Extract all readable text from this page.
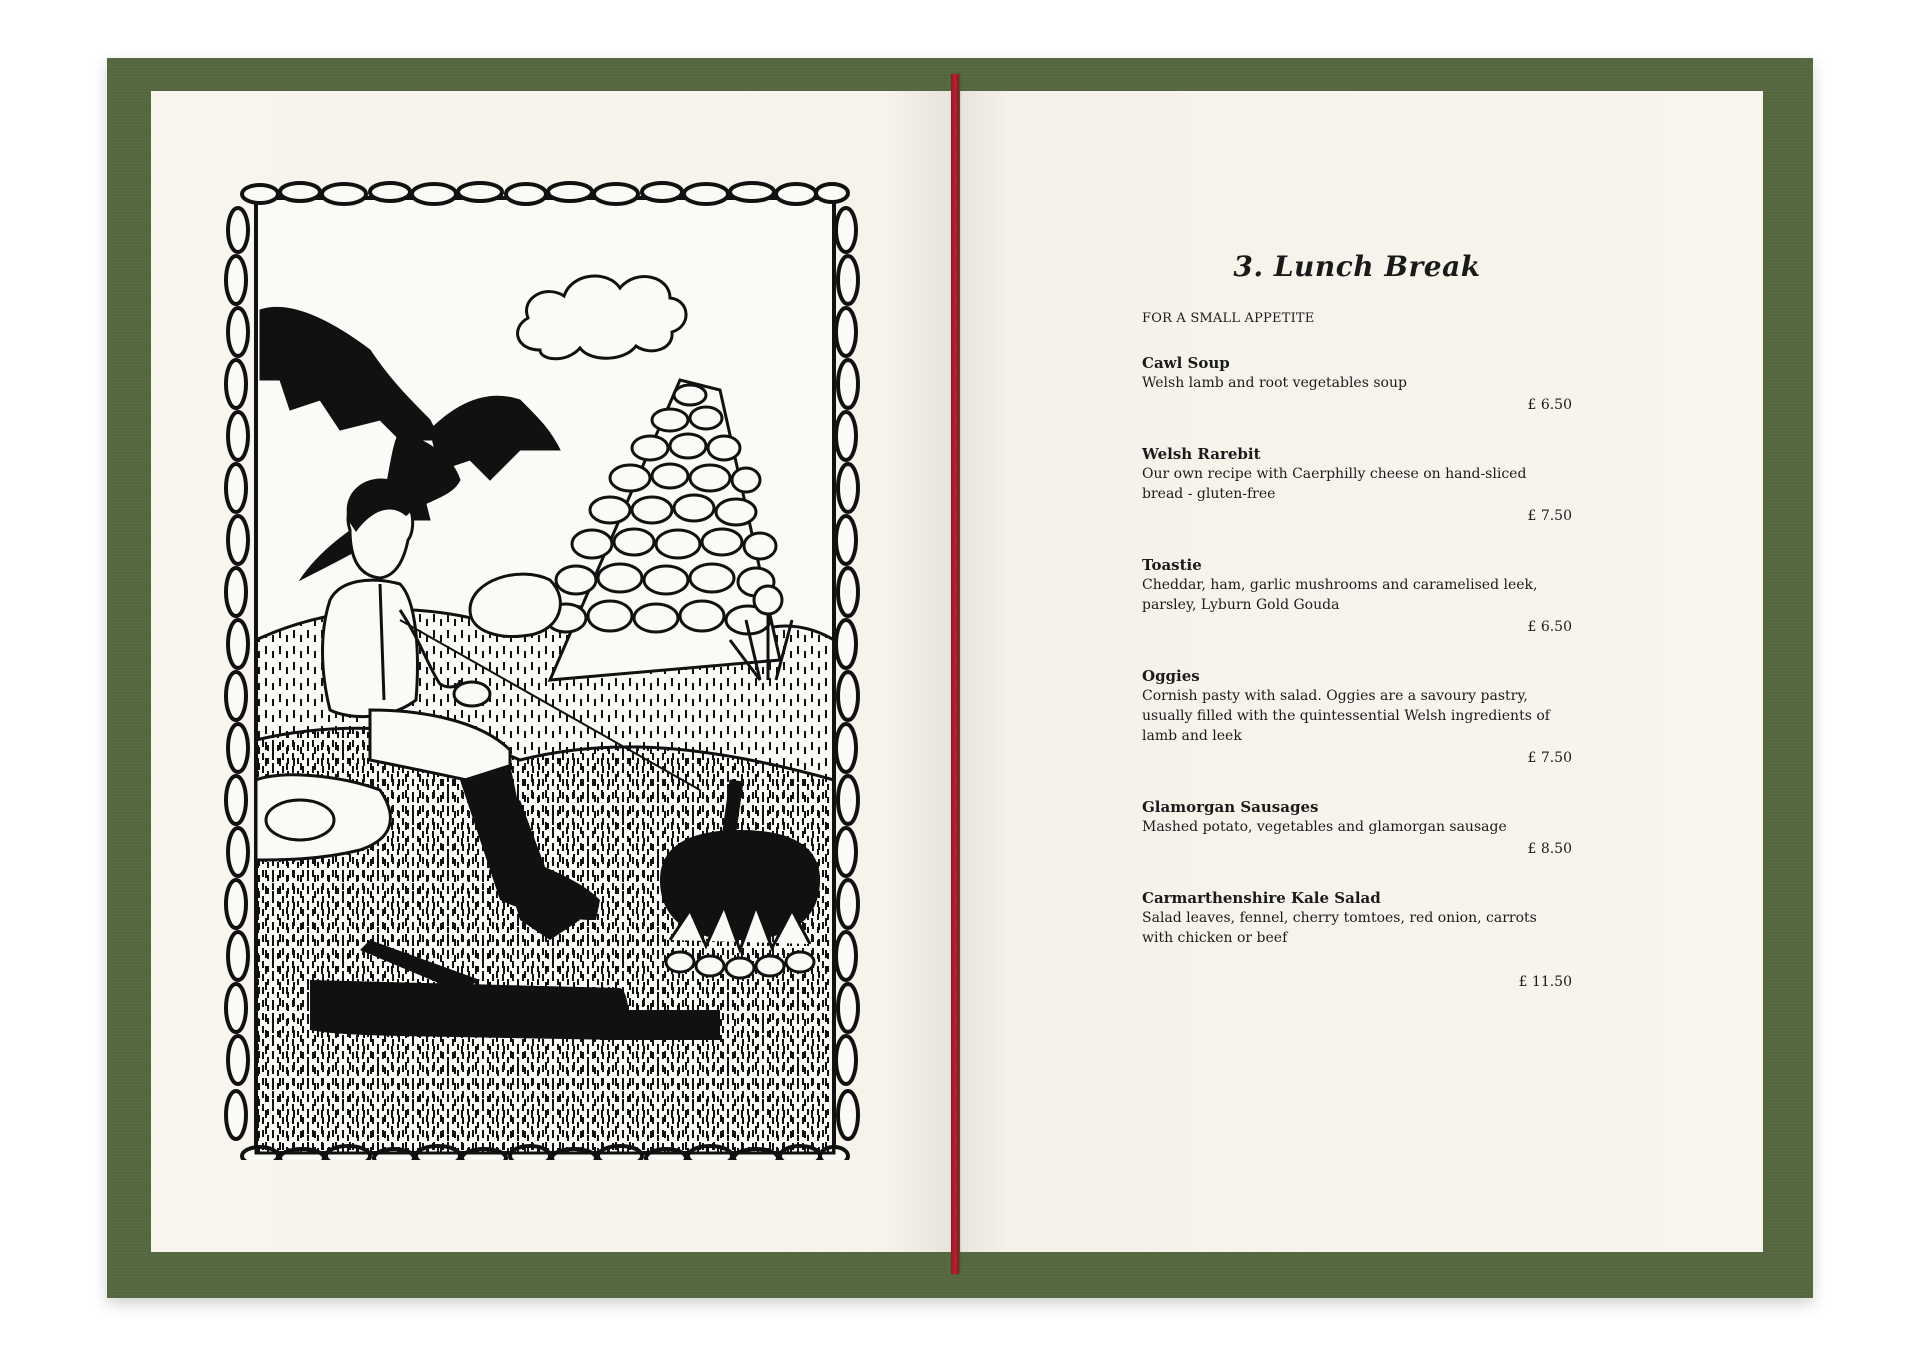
3. Lunch Break
FOR A SMALL APPETITE
Cawl Soup
Welsh lamb and root vegetables soup
£ 6.50
Welsh Rarebit
Our own recipe with Caerphilly cheese on hand-sliced bread - gluten-free
£ 7.50
Toastie
Cheddar, ham, garlic mushrooms and caramelised leek, parsley, Lyburn Gold Gouda
£ 6.50
Oggies
Cornish pasty with salad. Oggies are a savoury pastry, usually filled with the quintessential Welsh ingredients of lamb and leek
£ 7.50
Glamorgan Sausages
Mashed potato, vegetables and glamorgan sausage
£ 8.50
Carmarthenshire Kale Salad
Salad leaves, fennel, cherry tomtoes, red onion, carrots with chicken or beef
£ 11.50
